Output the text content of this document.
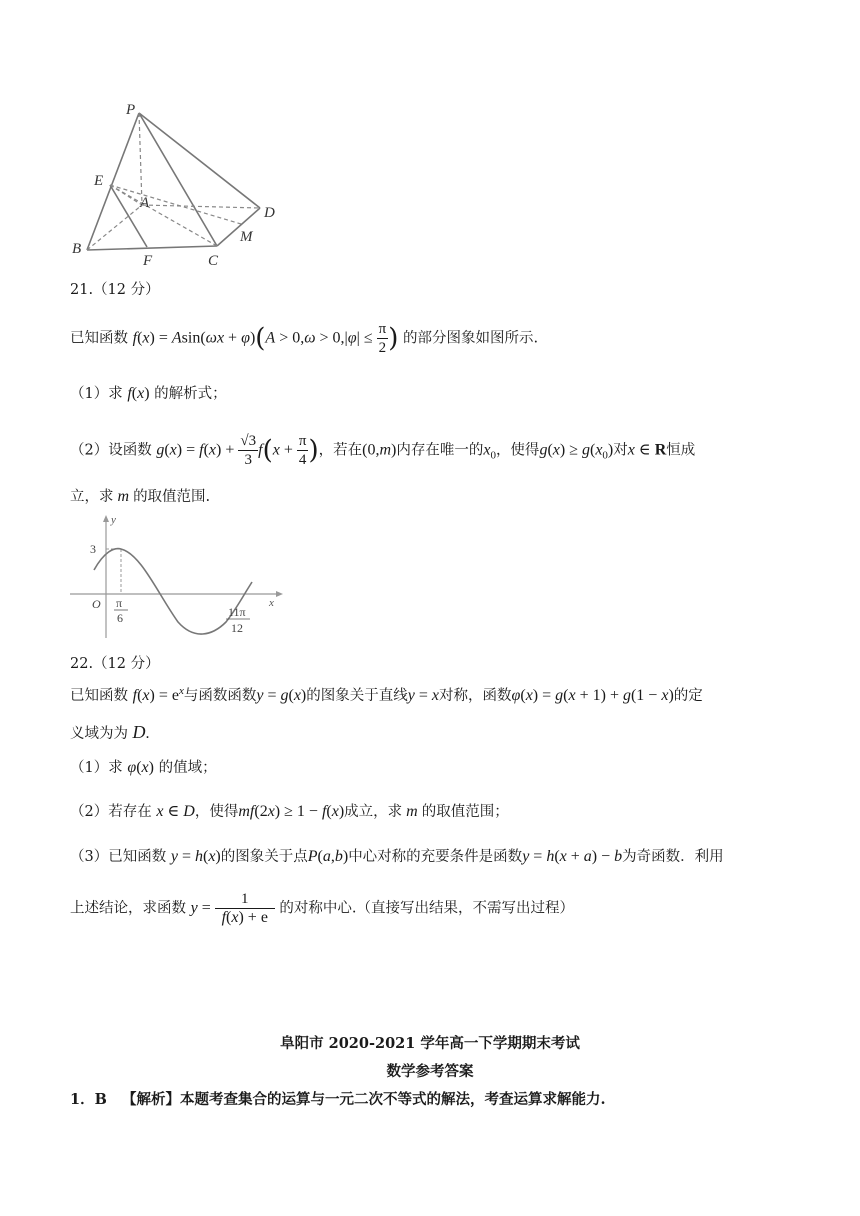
P
E
A
D
B
F	C
M
21.（12 分）
已知函数 $f(x) = Asin(\omega x + \varphi)(A > 0,\omega > 0,|\varphi| \le \frac{\pi}{2}$ ) 的部分图象如图所示.
（1）求 f(x) 的解析式；
（2）设函数 $g(x) = f(x) + \frac{√3}{3} f(x + \frac{\pi}{4}$ )，若在(0,m)内存在唯一的$x_0$，使得$g(x) \ge g(x_0)$对x ∈ R恒成
立，求 m 的取值范围.
y
x
O
3
π
6	11π
12
22.（12 分）
已知函数 $f(x) = e^x$与函数函数y = g(x)的图象关于直线y = x对称，函数φ(x) = g(x + 1) + g(1 − x)的定
义域为为 D.
（1）求 φ(x) 的值域；
（2）若存在 x ∈ D，使得mf(2x) ≥ 1 − f(x)成立，求 m 的取值范围；
（3）已知函数 y = h(x)的图象关于点P(a,b)中心对称的充要条件是函数y = h(x + a) − b为奇函数．利用
上述结论，求函数 $y = \frac{1}{f(x) + e}$ 的对称中心.（直接写出结果，不需写出过程）
阜阳市 2020-2021 学年高一下学期期末考试
数学参考答案
1．B 【解析】本题考查集合的运算与一元二次不等式的解法，考查运算求解能力.
